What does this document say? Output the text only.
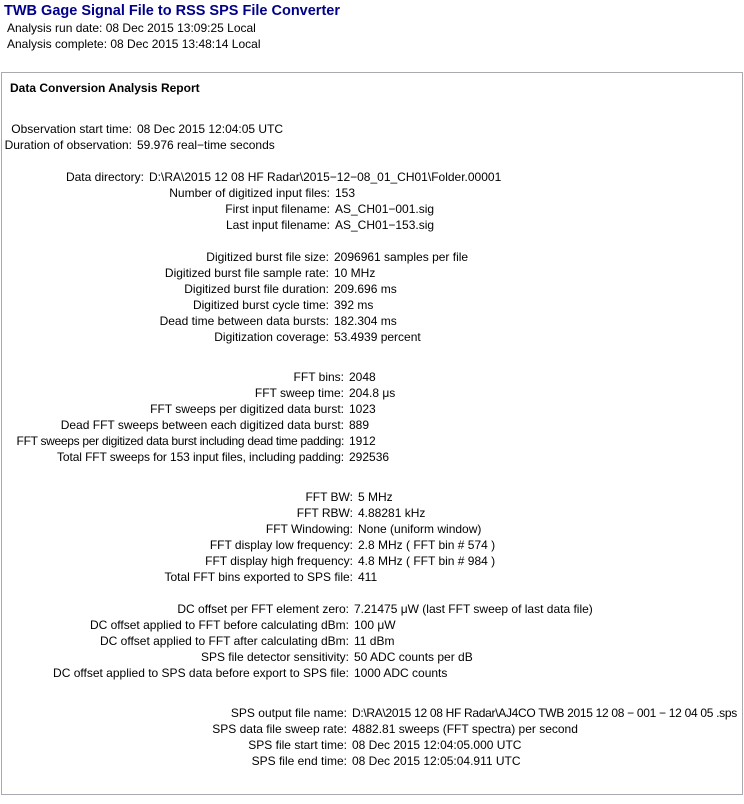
TWB Gage Signal File to RSS SPS File Converter
Analysis run date: 08 Dec 2015 13:09:25 Local
Analysis complete: 08 Dec 2015 13:48:14 Local
Data Conversion Analysis Report
Observation start time: 08 Dec 2015 12:04:05 UTC
Duration of observation: 59.976 real−time seconds
Data directory: D:\RA\2015 12 08 HF Radar\2015−12−08_01_CH01\Folder.00001
Number of digitized input files: 153
First input filename: AS_CH01−001.sig
Last input filename: AS_CH01−153.sig
Digitized burst file size: 2096961 samples per file
Digitized burst file sample rate: 10 MHz
Digitized burst file duration: 209.696 ms
Digitized burst cycle time: 392 ms
Dead time between data bursts: 182.304 ms
Digitization coverage: 53.4939 percent
FFT bins: 2048
FFT sweep time: 204.8 μs
FFT sweeps per digitized data burst: 1023
Dead FFT sweeps between each digitized data burst: 889
FFT sweeps per digitized data burst including dead time padding: 1912
Total FFT sweeps for 153 input files, including padding: 292536
FFT BW: 5 MHz
FFT RBW: 4.88281 kHz
FFT Windowing: None (uniform window)
FFT display low frequency: 2.8 MHz ( FFT bin # 574 )
FFT display high frequency: 4.8 MHz ( FFT bin # 984 )
Total FFT bins exported to SPS file: 411
DC offset per FFT element zero: 7.21475 μW (last FFT sweep of last data file)
DC offset applied to FFT before calculating dBm: 100 μW
DC offset applied to FFT after calculating dBm: 11 dBm
SPS file detector sensitivity: 50 ADC counts per dB
DC offset applied to SPS data before export to SPS file: 1000 ADC counts
SPS output file name: D:\RA\2015 12 08 HF Radar\AJ4CO TWB 2015 12 08 − 001 − 12 04 05 .sps
SPS data file sweep rate: 4882.81 sweeps (FFT spectra) per second
SPS file start time: 08 Dec 2015 12:04:05.000 UTC
SPS file end time: 08 Dec 2015 12:05:04.911 UTC
